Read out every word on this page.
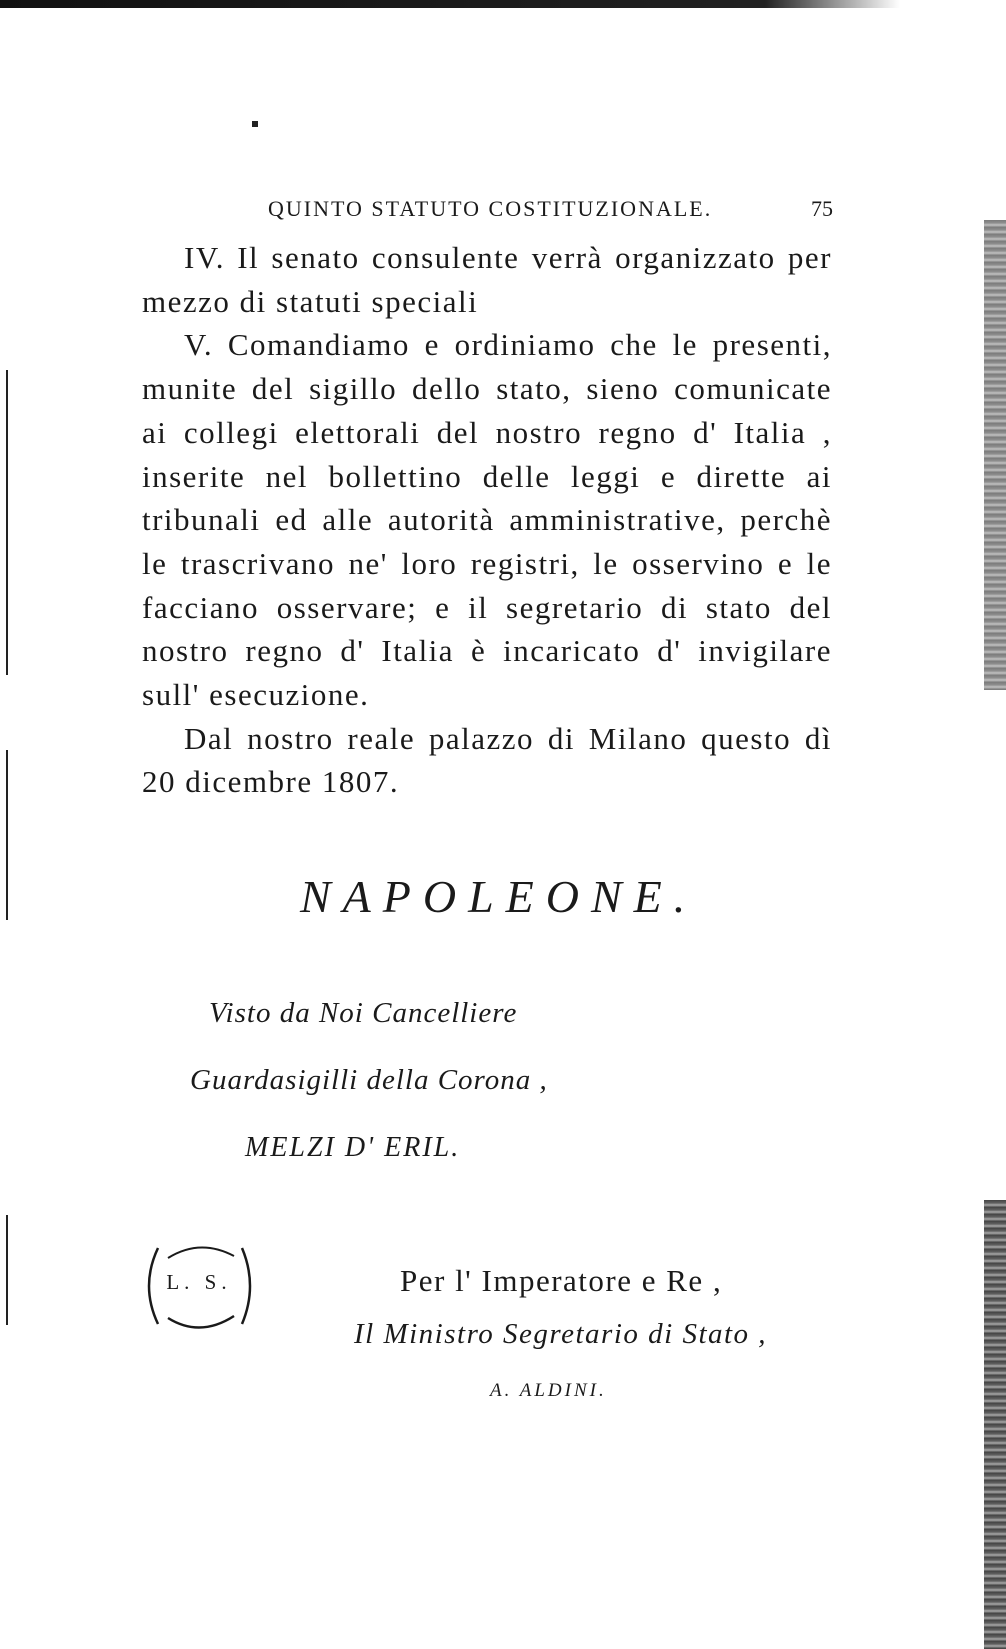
QUINTO STATUTO COSTITUZIONALE.	75

IV. Il senato consulente verrà organizzato per mezzo di statuti speciali

V. Comandiamo e ordiniamo che le presenti, munite del sigillo dello stato, sieno comunicate ai collegi elettorali del nostro regno d' Italia , inserite nel bollettino delle leggi e dirette ai tribunali ed alle autorità amministrative, perchè le trascrivano ne' loro registri, le osservino e le facciano osservare; e il segretario di stato del nostro regno d' Italia è incaricato d' invigilare sull' esecuzione.

Dal nostro reale palazzo di Milano questo dì 20 dicembre 1807.

NAPOLEONE.
Visto da Noi Cancelliere
Guardasigilli della Corona ,
MELZI D' ERIL.
L. S.	Per l' Imperatore e Re ,
Il Ministro Segretario di Stato ,
A. ALDINI.
